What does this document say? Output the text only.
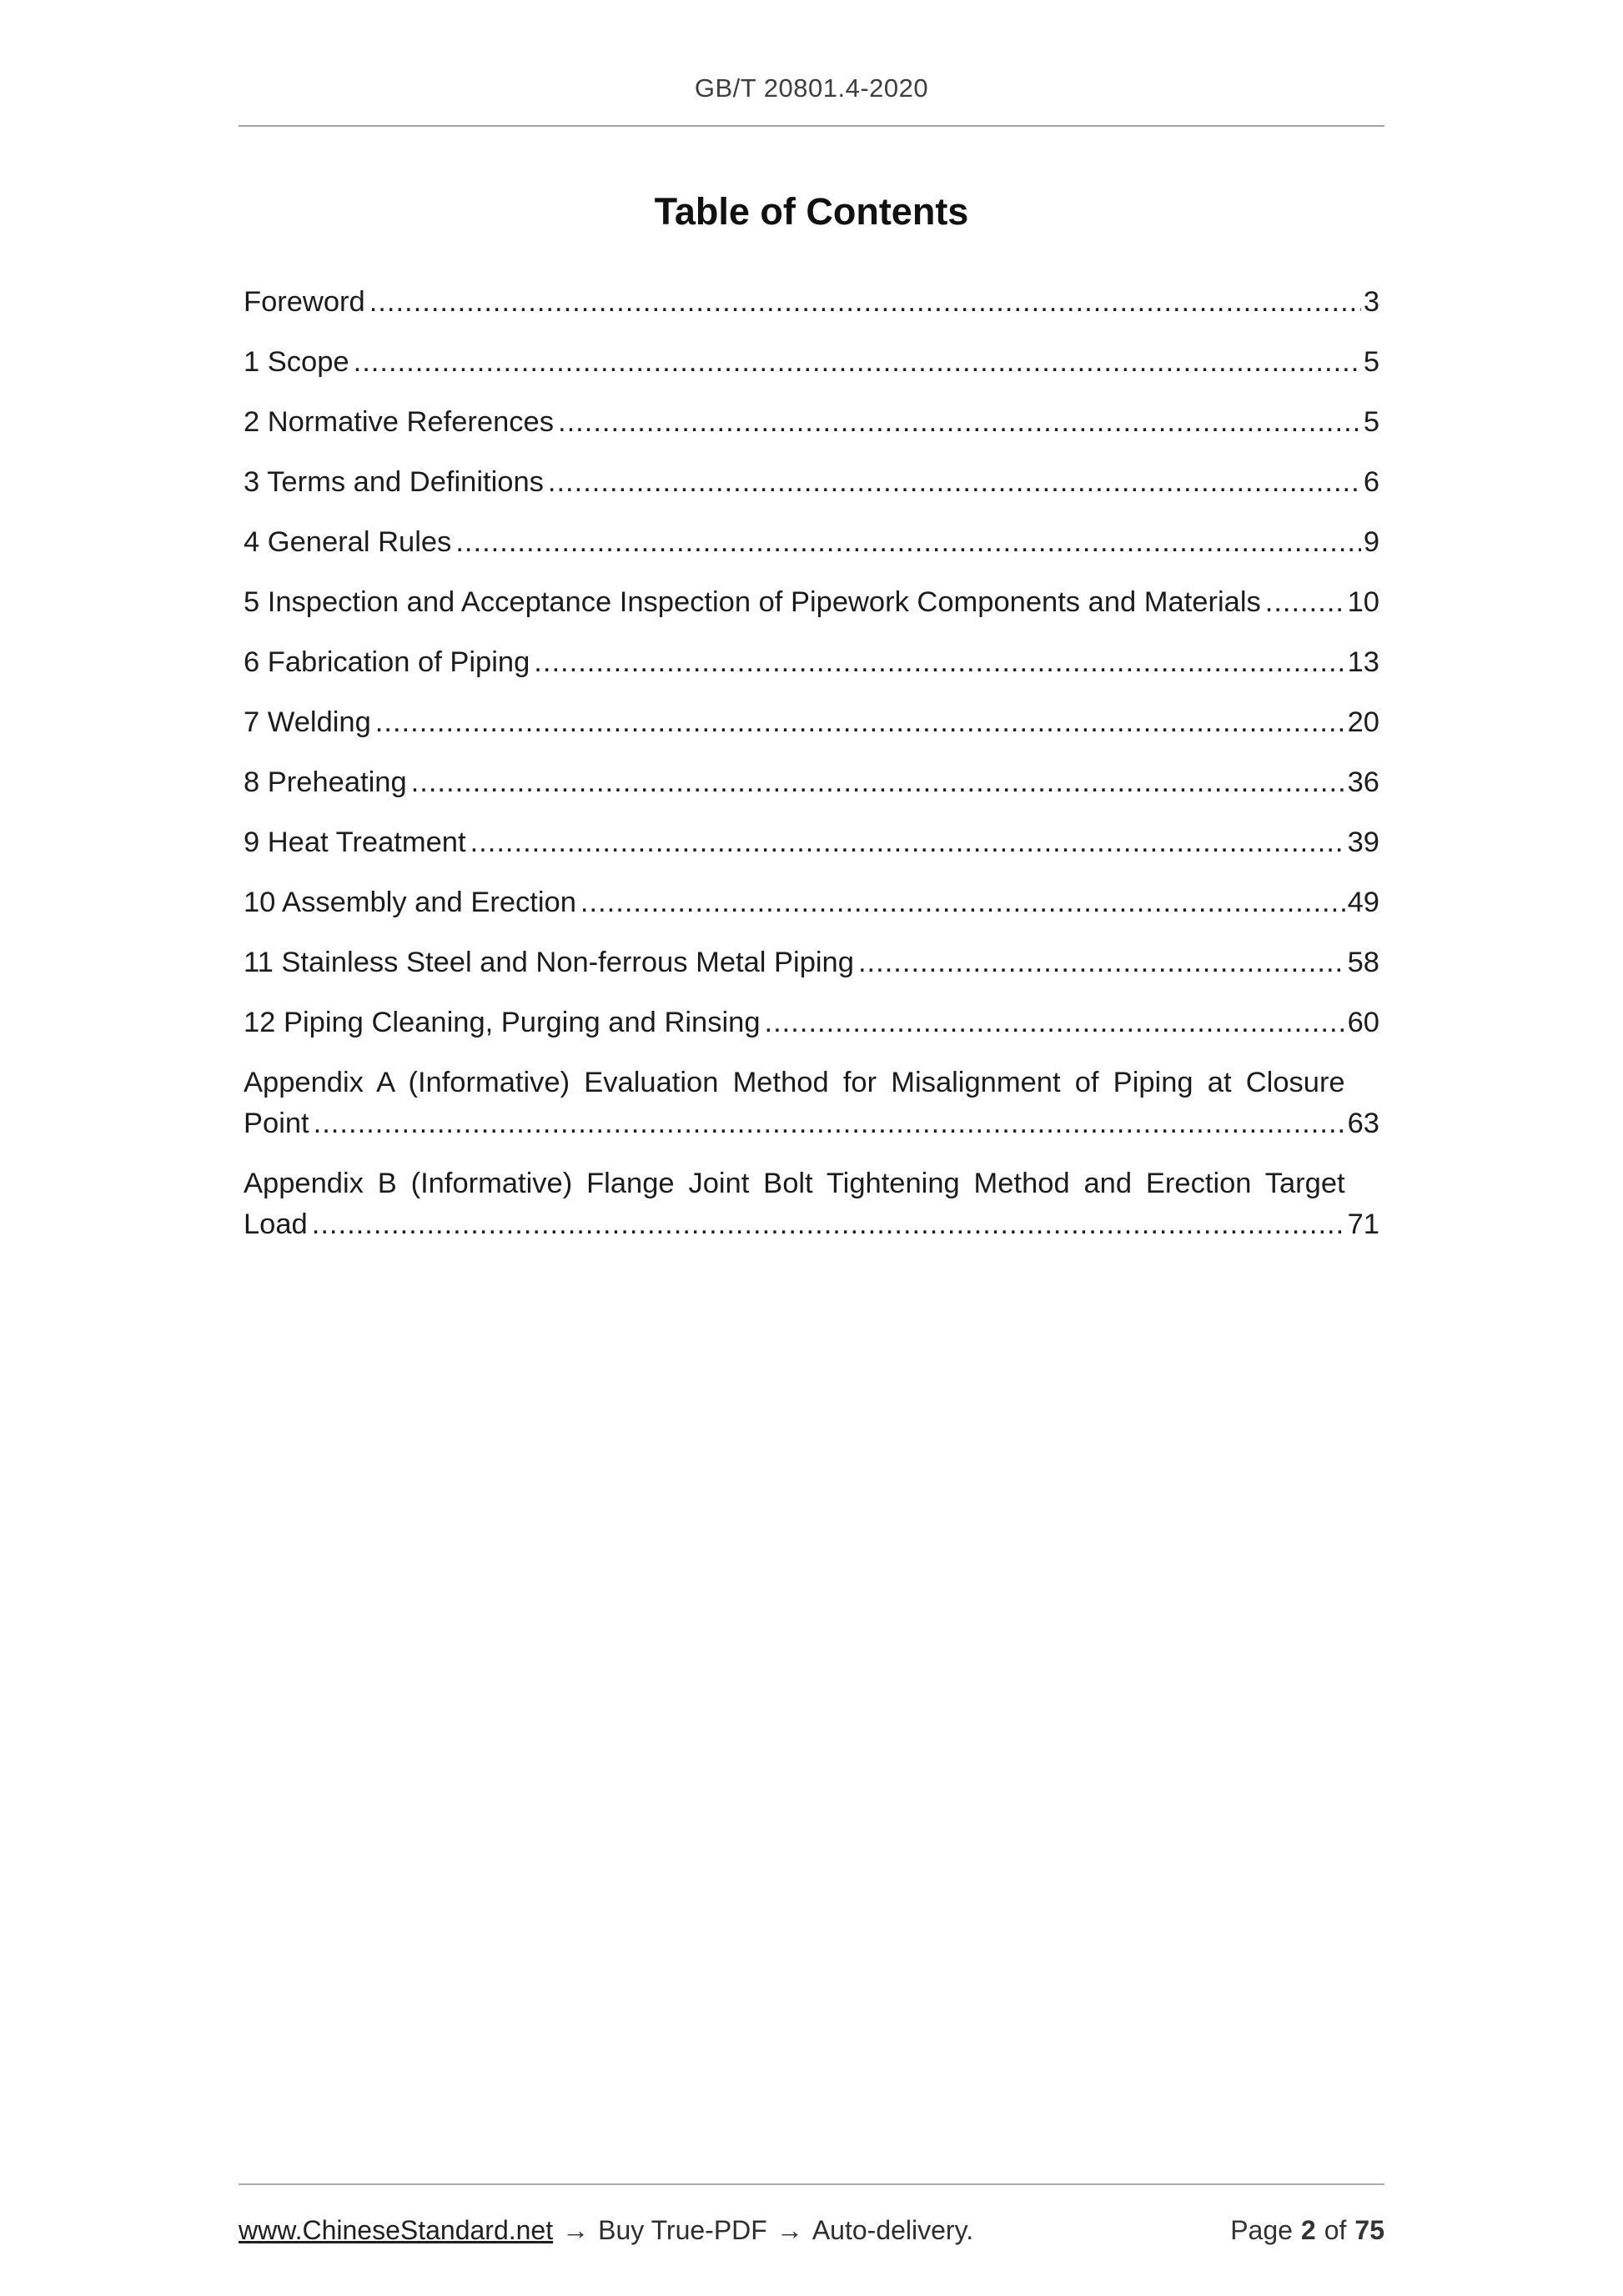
GB/T 20801.4-2020
Table of Contents
Foreword .....	3
1 Scope .....	5
2 Normative References .....	5
3 Terms and Definitions .....	6
4 General Rules .....	9
5 Inspection and Acceptance Inspection of Pipework Components and Materials .....	10
6 Fabrication of Piping .....	13
7 Welding .....	20
8 Preheating .....	36
9 Heat Treatment .....	39
10 Assembly and Erection .....	49
11 Stainless Steel and Non-ferrous Metal Piping .....	58
12 Piping Cleaning, Purging and Rinsing .....	60
Appendix A (Informative) Evaluation Method for Misalignment of Piping at Closure Point .....	63
Appendix B (Informative) Flange Joint Bolt Tightening Method and Erection Target Load .....	71
www.ChineseStandard.net → Buy True-PDF → Auto-delivery.	Page 2 of 75
